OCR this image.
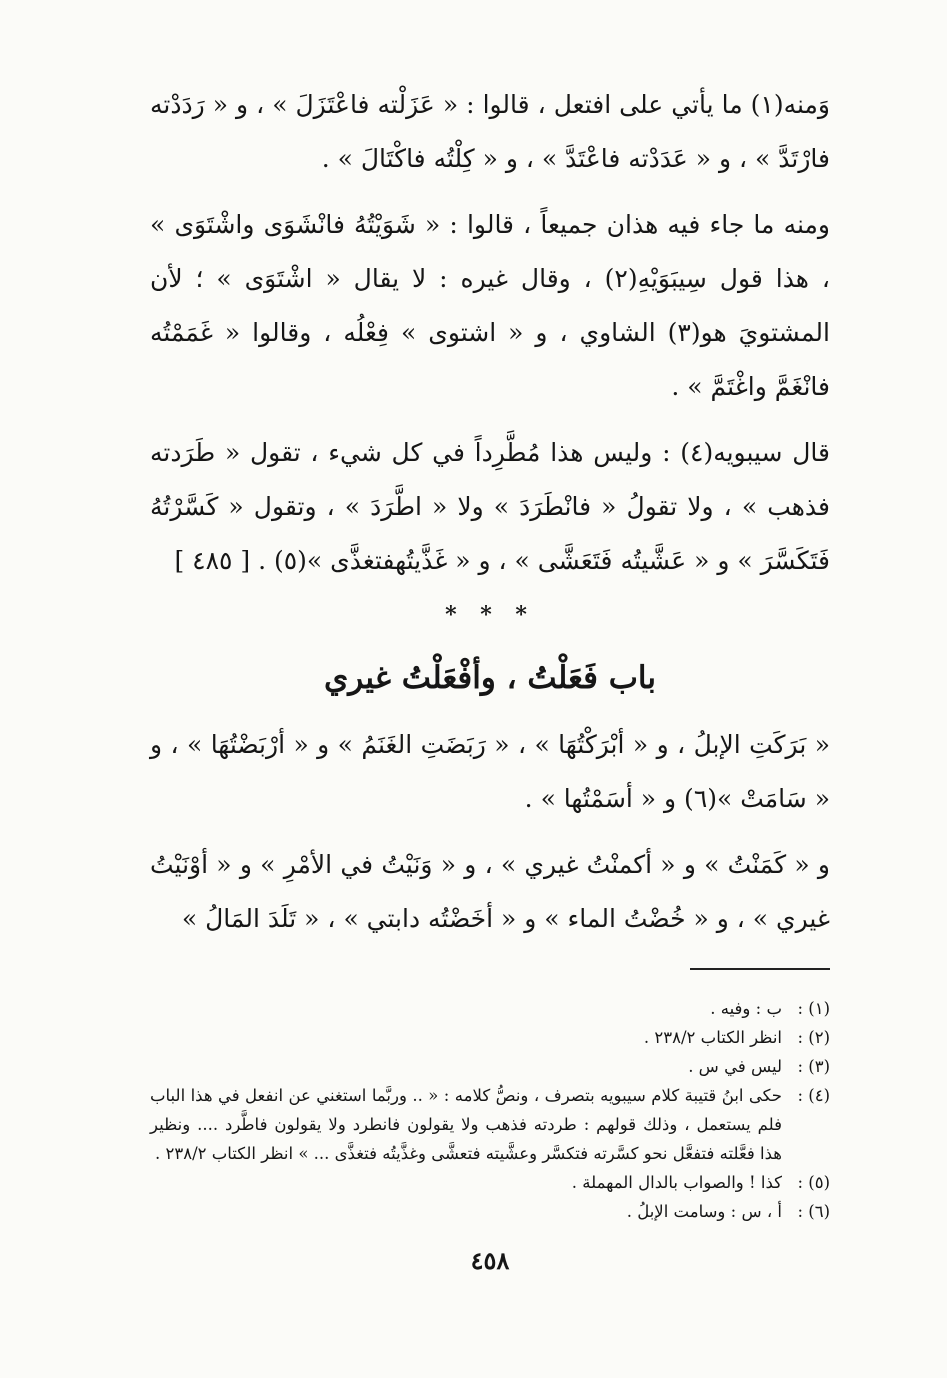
وَمنه(١) ما يأتي على افتعل ، قالوا : « عَزَلْته فاعْتَزَلَ » ، و « رَدَدْته فارْتَدَّ » ، و « عَدَدْته فاعْتَدَّ » ، و « كِلْتُه فاكْتَالَ » .

ومنه ما جاء فيه هذان جميعاً ، قالوا : « شَوَيْتُهُ فانْشَوَى واشْتَوَى » ، هذا قول سِيبَوَيْهِ(٢) ، وقال غيره : لا يقال « اشْتَوَى » ؛ لأن المشتويَ هو(٣) الشاوي ، و « اشتوى » فِعْلُه ، وقالوا « غَمَمْتُه فانْغَمَّ واغْتَمَّ » .

قال سيبويه(٤) : وليس هذا مُطَّرِداً في كل شيء ، تقول « طَرَدته فذهب » ، ولا تقولُ « فانْطَرَدَ » ولا « اطَّرَدَ » ، وتقول « كَسَّرْتُهُ فَتَكَسَّرَ » و « عَشَّيتُه فَتَعَشَّى » ، و « غَذَّيتُهفتغذَّى »(٥) . [ ٤٨٥ ]

* * *
باب فَعَلْتُ ، وأفْعَلْتُ غيري

« بَرَكَتِ الإبلُ ، و « أبْرَكْتُهَا » ، « رَبَضَتِ الغَنَمُ » و « أرْبَضْتُهَا » ، و « سَامَتْ »(٦) و « أسَمْتُها » .

و « كَمَنْتُ » و « أكمنْتُ غيري » ، و « وَنَيْتُ في الأمْرِ » و « أوْنَيْتُ غيري » ، و « خُضْتُ الماء » و « أخَضْتُه دابتي » ، « تَلَدَ المَالُ »

(١) :
ب : وفيه .
(٢) :
انظر الكتاب ٢٣٨/٢ .
(٣) :
ليس في س .
(٤) :
حكى ابنُ قتيبة كلام سيبويه بتصرف ، ونصُّ كلامه : « .. وربَّما استغني عن انفعل في هذا الباب فلم يستعمل ، وذلك قولهم : طردته فذهب ولا يقولون فانطرد ولا يقولون فاطَّرد .... ونظير هذا فعَّلته فتفعَّل نحو كسَّرته فتكسَّر وعشَّيته فتعشَّى وغذَّيتُه فتغذَّى ... » انظر الكتاب ٢٣٨/٢ .
(٥) :
كذا ! والصواب بالدال المهملة .
(٦) :
أ ، س : وسامت الإبلُ .
٤٥٨
